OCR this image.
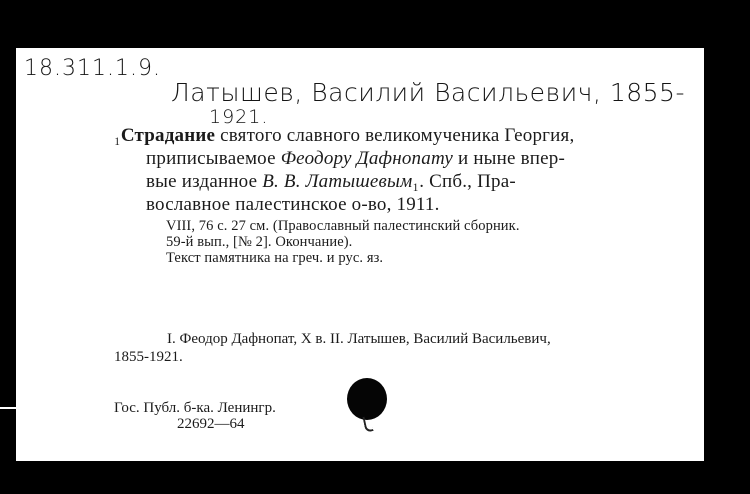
18.311.1.9.
Латышев, Василий Васильевич, 1855-
1921.
₁Страдание святого славного великомученика Георгия,
приписываемое Феодору Дафнопату и ныне впер-
вые изданное В. В. Латышевым₁. Спб., Пра-
вославное палестинское о-во, 1911.
VIII, 76 с. 27 см. (Православный палестинский сборник.
59-й вып., [№ 2]. Окончание).
Текст памятника на греч. и рус. яз.
I. Феодор Дафнопат, X в. II. Латышев, Василий Васильевич,
1855-1921.
Гос. Публ. б-ка. Ленингр.
22692—64
